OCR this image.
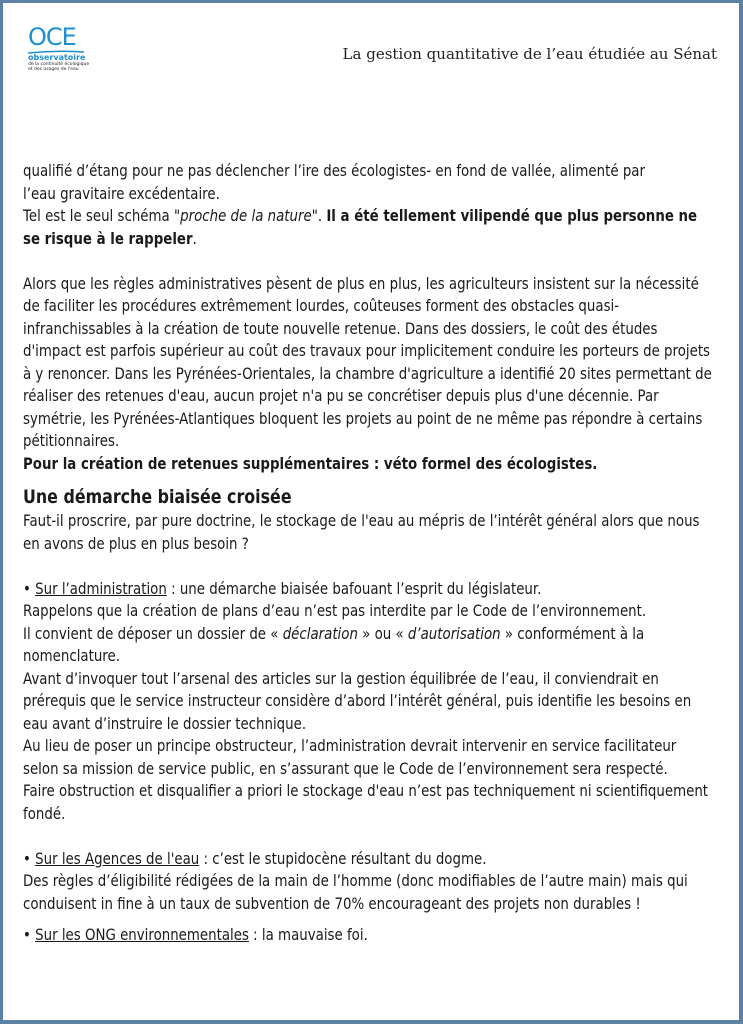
OCE
observatoire
de la continuité écologique
et des usages de l'eau
La gestion quantitative de l’eau étudiée au Sénat

qualifié d’étang pour ne pas déclencher l’ire des écologistes- en fond de vallée, alimenté par
l’eau gravitaire excédentaire.
Tel est le seul schéma "proche de la nature". Il a été tellement vilipendé que plus personne ne se risque à le rappeler.

Alors que les règles administratives pèsent de plus en plus, les agriculteurs insistent sur la nécessité de faciliter les procédures extrêmement lourdes, coûteuses forment des obstacles quasi-infranchissables à la création de toute nouvelle retenue. Dans des dossiers, le coût des études d'impact est parfois supérieur au coût des travaux pour implicitement conduire les porteurs de projets à y renoncer. Dans les Pyrénées-Orientales, la chambre d'agriculture a identifié 20 sites permettant de réaliser des retenues d'eau, aucun projet n'a pu se concrétiser depuis plus d'une décennie. Par symétrie, les Pyrénées-Atlantiques bloquent les projets au point de ne même pas répondre à certains pétitionnaires.
Pour la création de retenues supplémentaires : véto formel des écologistes.

Une démarche biaisée croisée

Faut-il proscrire, par pure doctrine, le stockage de l'eau au mépris de l’intérêt général alors que nous en avons de plus en plus besoin ?

• Sur l’administration : une démarche biaisée bafouant l’esprit du législateur.
Rappelons que la création de plans d’eau n’est pas interdite par le Code de l’environnement.
Il convient de déposer un dossier de « déclaration » ou « d’autorisation » conformément à la nomenclature.
Avant d’invoquer tout l’arsenal des articles sur la gestion équilibrée de l’eau, il conviendrait en prérequis que le service instructeur considère d’abord l’intérêt général, puis identifie les besoins en eau avant d’instruire le dossier technique.
Au lieu de poser un principe obstructeur, l’administration devrait intervenir en service facilitateur selon sa mission de service public, en s’assurant que le Code de l’environnement sera respecté.
Faire obstruction et disqualifier a priori le stockage d'eau n’est pas techniquement ni scientifiquement fondé.

• Sur les Agences de l'eau : c’est le stupidocène résultant du dogme.
Des règles d’éligibilité rédigées de la main de l’homme (donc modifiables de l’autre main) mais qui conduisent in fine à un taux de subvention de 70% encourageant des projets non durables !

• Sur les ONG environnementales : la mauvaise foi.
